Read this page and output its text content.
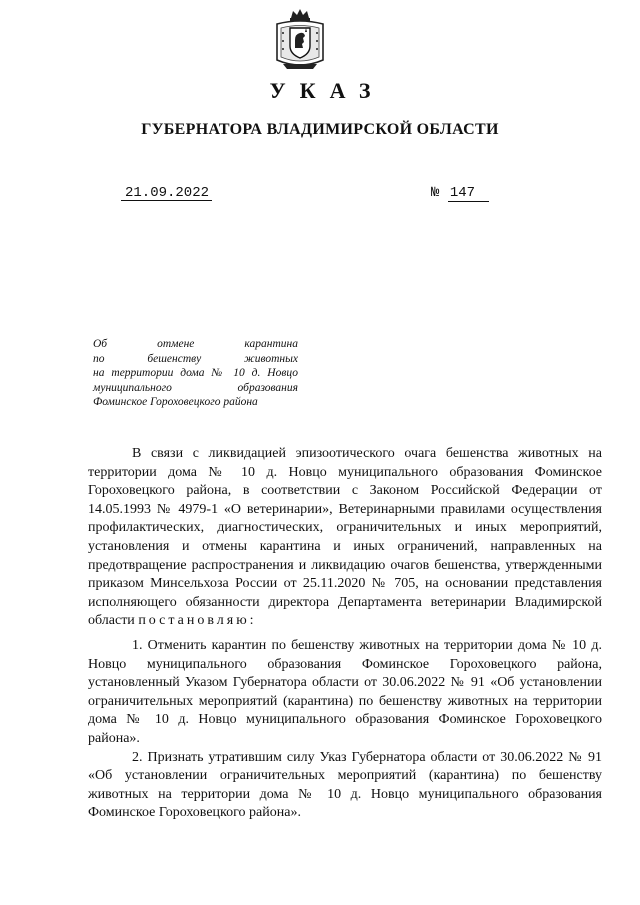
УКАЗ
ГУБЕРНАТОРА ВЛАДИМИРСКОЙ ОБЛАСТИ
21.09.2022	№ 147
Об отмене карантина
по бешенству животных
на территории дома № 10 д. Новцо
муниципального образования
Фоминское Гороховецкого района

В связи с ликвидацией эпизоотического очага бешенства животных на территории дома № 10 д. Новцо муниципального образования Фоминское Гороховецкого района, в соответствии с Законом Российской Федерации от 14.05.1993 № 4979-1 «О ветеринарии», Ветеринарными правилами осуществления профилактических, диагностических, ограничительных и иных мероприятий, установления и отмены карантина и иных ограничений, направленных на предотвращение распространения и ликвидацию очагов бешенства, утвержденными приказом Минсельхоза России от 25.11.2020 № 705, на основании представления исполняющего обязанности директора Департамента ветеринарии Владимирской области постановляю:

1. Отменить карантин по бешенству животных на территории дома № 10 д. Новцо муниципального образования Фоминское Гороховецкого района, установленный Указом Губернатора области от 30.06.2022 № 91 «Об установлении ограничительных мероприятий (карантина) по бешенству животных на территории дома № 10 д. Новцо муниципального образования Фоминское Гороховецкого района».

2. Признать утратившим силу Указ Губернатора области от 30.06.2022 № 91 «Об установлении ограничительных мероприятий (карантина) по бешенству животных на территории дома № 10 д. Новцо муниципального образования Фоминское Гороховецкого района».
